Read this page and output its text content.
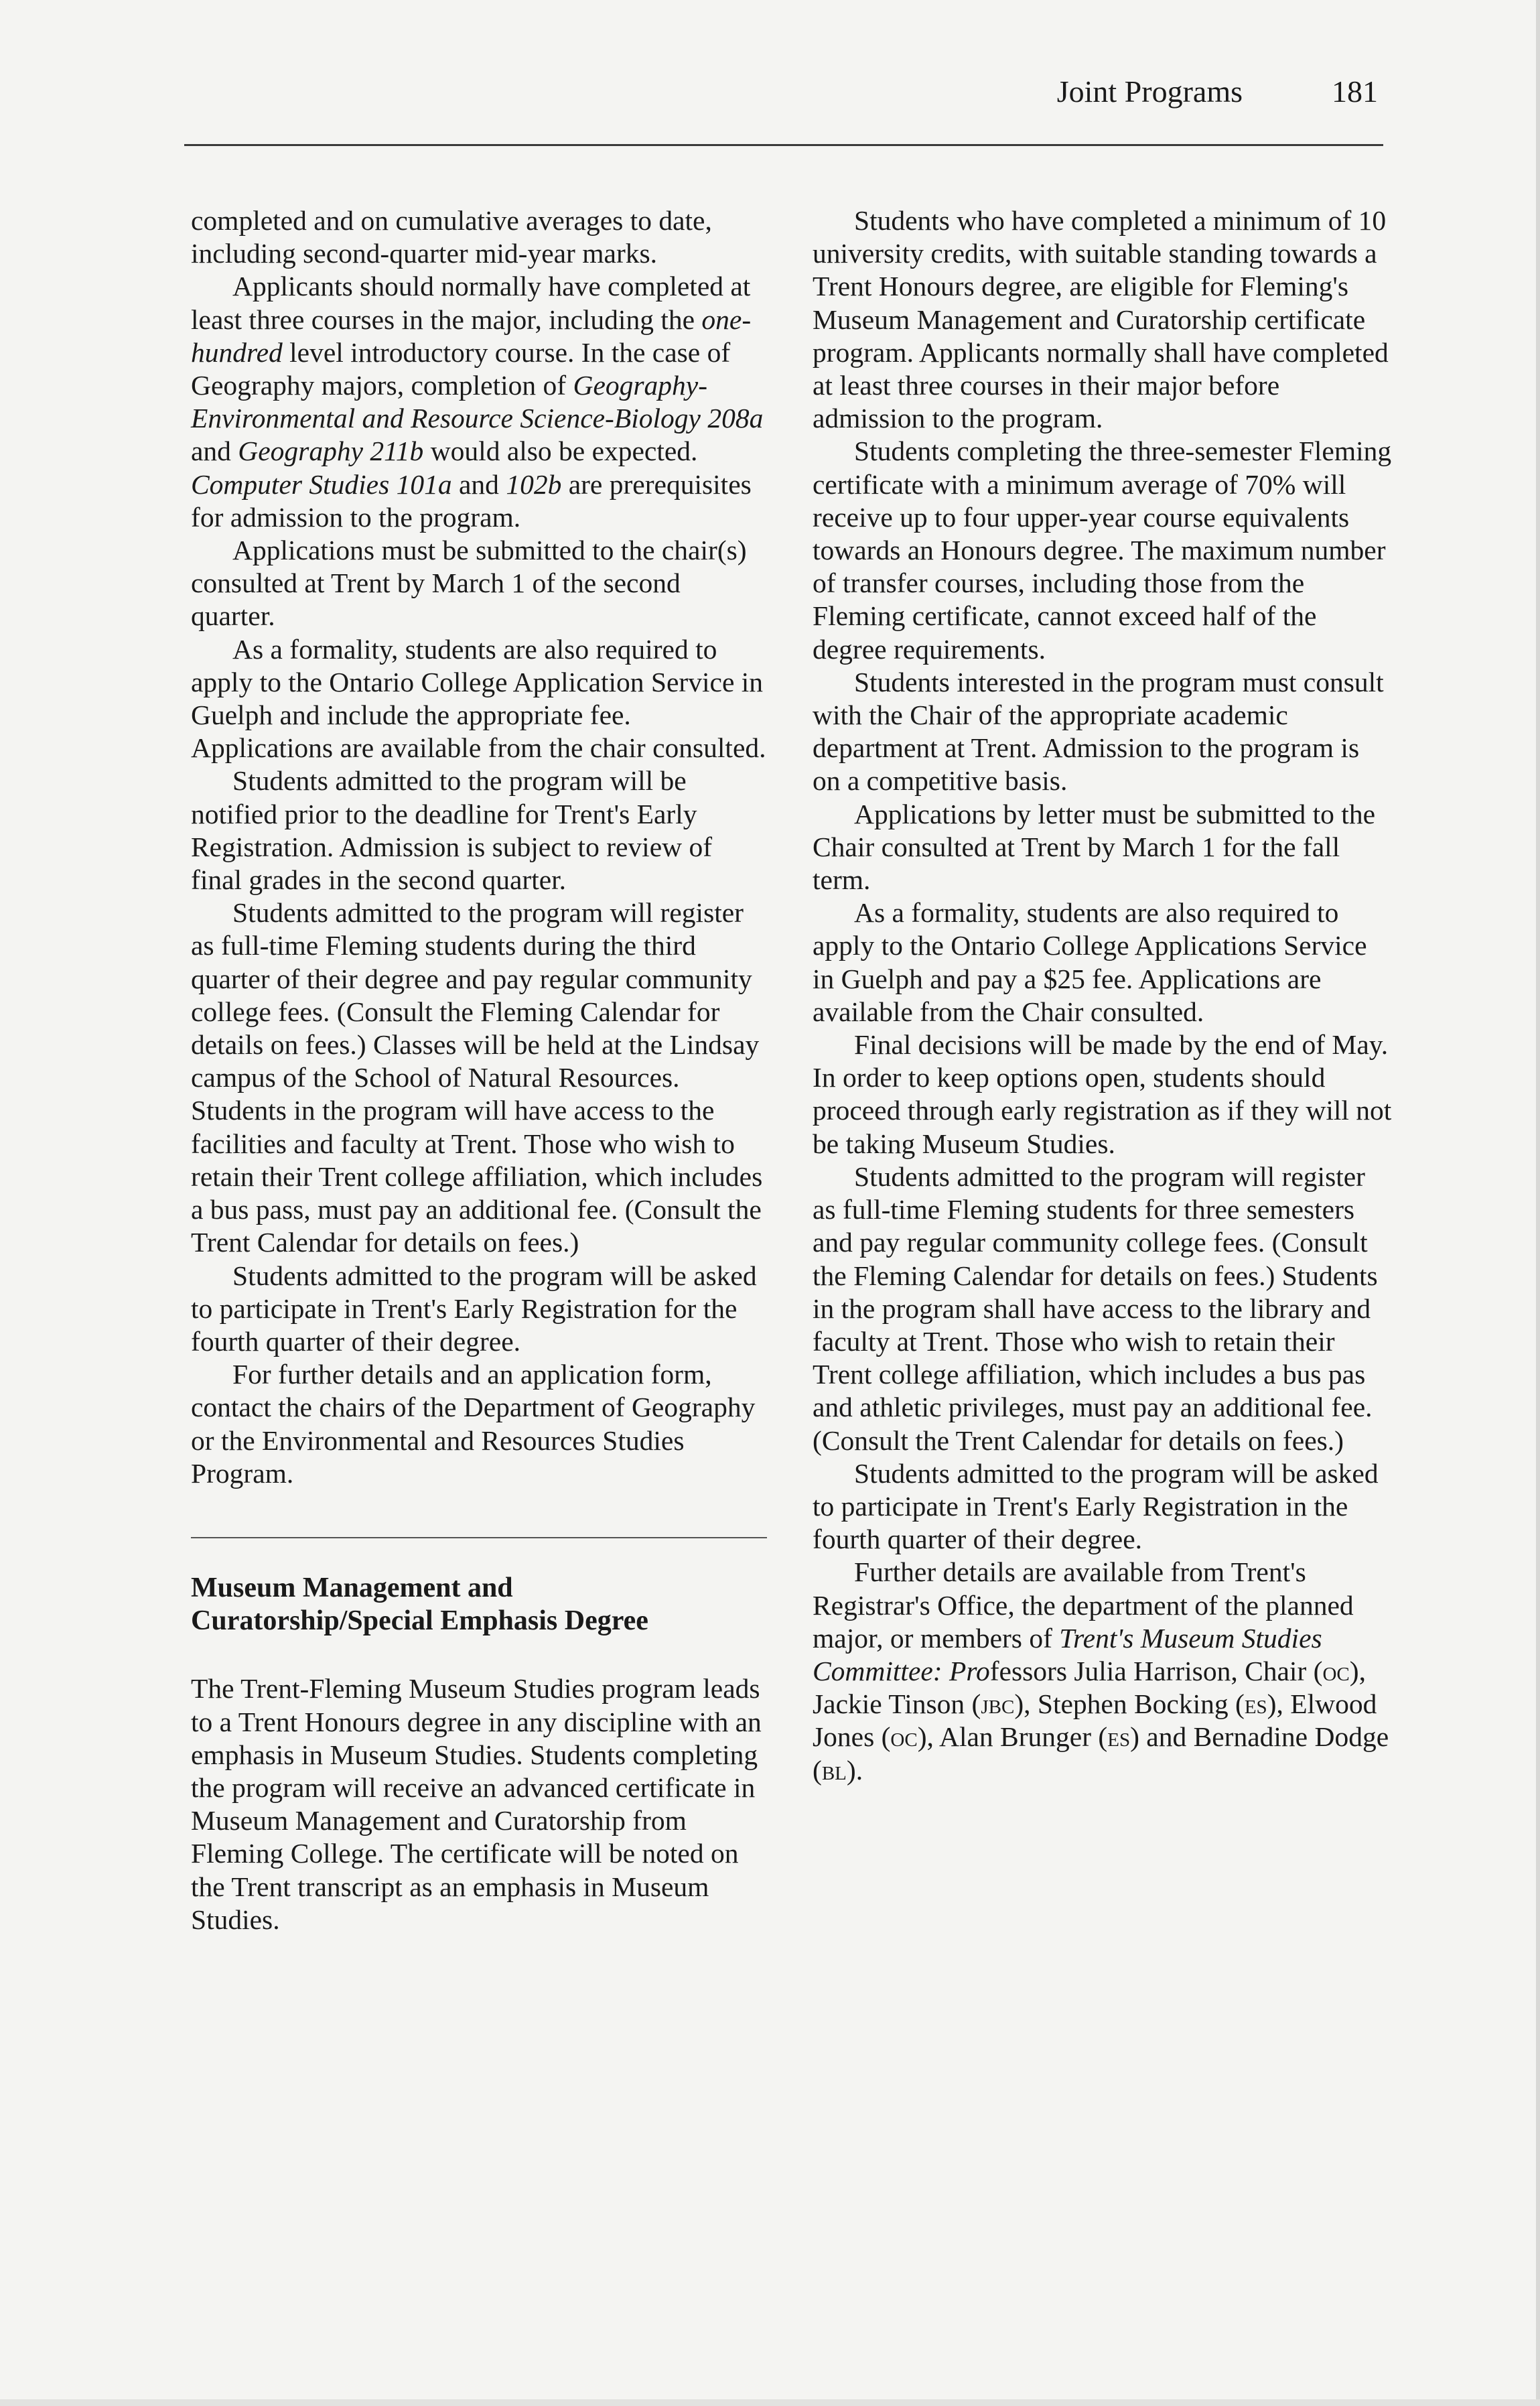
Joint Programs	181

completed and on cumulative averages to date, including second-quarter mid-year marks.

Applicants should normally have completed at least three courses in the major, including the one-hundred level introductory course. In the case of Geography majors, completion of Geography-Environmental and Resource Science-Biology 208a and Geography 211b would also be expected. Computer Studies 101a and 102b are prerequisites for admission to the program.

Applications must be submitted to the chair(s) consulted at Trent by March 1 of the second quarter.

As a formality, students are also required to apply to the Ontario College Application Service in Guelph and include the appropriate fee. Applications are available from the chair consulted.

Students admitted to the program will be notified prior to the deadline for Trent's Early Registration. Admission is subject to review of final grades in the second quarter.

Students admitted to the program will register as full-time Fleming students during the third quarter of their degree and pay regular community college fees. (Consult the Fleming Calendar for details on fees.) Classes will be held at the Lindsay campus of the School of Natural Resources. Students in the program will have access to the facilities and faculty at Trent. Those who wish to retain their Trent college affiliation, which includes a bus pass, must pay an additional fee. (Consult the Trent Calendar for details on fees.)

Students admitted to the program will be asked to participate in Trent's Early Registration for the fourth quarter of their degree.

For further details and an application form, contact the chairs of the Department of Geography or the Environmental and Resources Studies Program.

Museum Management and
Curatorship/Special Emphasis Degree

The Trent-Fleming Museum Studies program leads to a Trent Honours degree in any discipline with an emphasis in Museum Studies. Students completing the program will receive an advanced certificate in Museum Management and Curatorship from Fleming College. The certificate will be noted on the Trent transcript as an emphasis in Museum Studies.

Students who have completed a minimum of 10 university credits, with suitable standing towards a Trent Honours degree, are eligible for Fleming's Museum Management and Curatorship certificate program. Applicants normally shall have completed at least three courses in their major before admission to the program.

Students completing the three-semester Fleming certificate with a minimum average of 70% will receive up to four upper-year course equivalents towards an Honours degree. The maximum number of transfer courses, including those from the Fleming certificate, cannot exceed half of the degree requirements.

Students interested in the program must consult with the Chair of the appropriate academic department at Trent. Admission to the program is on a competitive basis.

Applications by letter must be submitted to the Chair consulted at Trent by March 1 for the fall term.

As a formality, students are also required to apply to the Ontario College Applications Service in Guelph and pay a $25 fee. Applications are available from the Chair consulted.

Final decisions will be made by the end of May. In order to keep options open, students should proceed through early registration as if they will not be taking Museum Studies.

Students admitted to the program will register as full-time Fleming students for three semesters and pay regular community college fees. (Consult the Fleming Calendar for details on fees.) Students in the program shall have access to the library and faculty at Trent. Those who wish to retain their Trent college affiliation, which includes a bus pas and athletic privileges, must pay an additional fee. (Consult the Trent Calendar for details on fees.)

Students admitted to the program will be asked to participate in Trent's Early Registration in the fourth quarter of their degree.

Further details are available from Trent's Registrar's Office, the department of the planned major, or members of Trent's Museum Studies Committee: Professors Julia Harrison, Chair (oc), Jackie Tinson (jbc), Stephen Bocking (es), Elwood Jones (oc), Alan Brunger (es) and Bernadine Dodge (bl).
